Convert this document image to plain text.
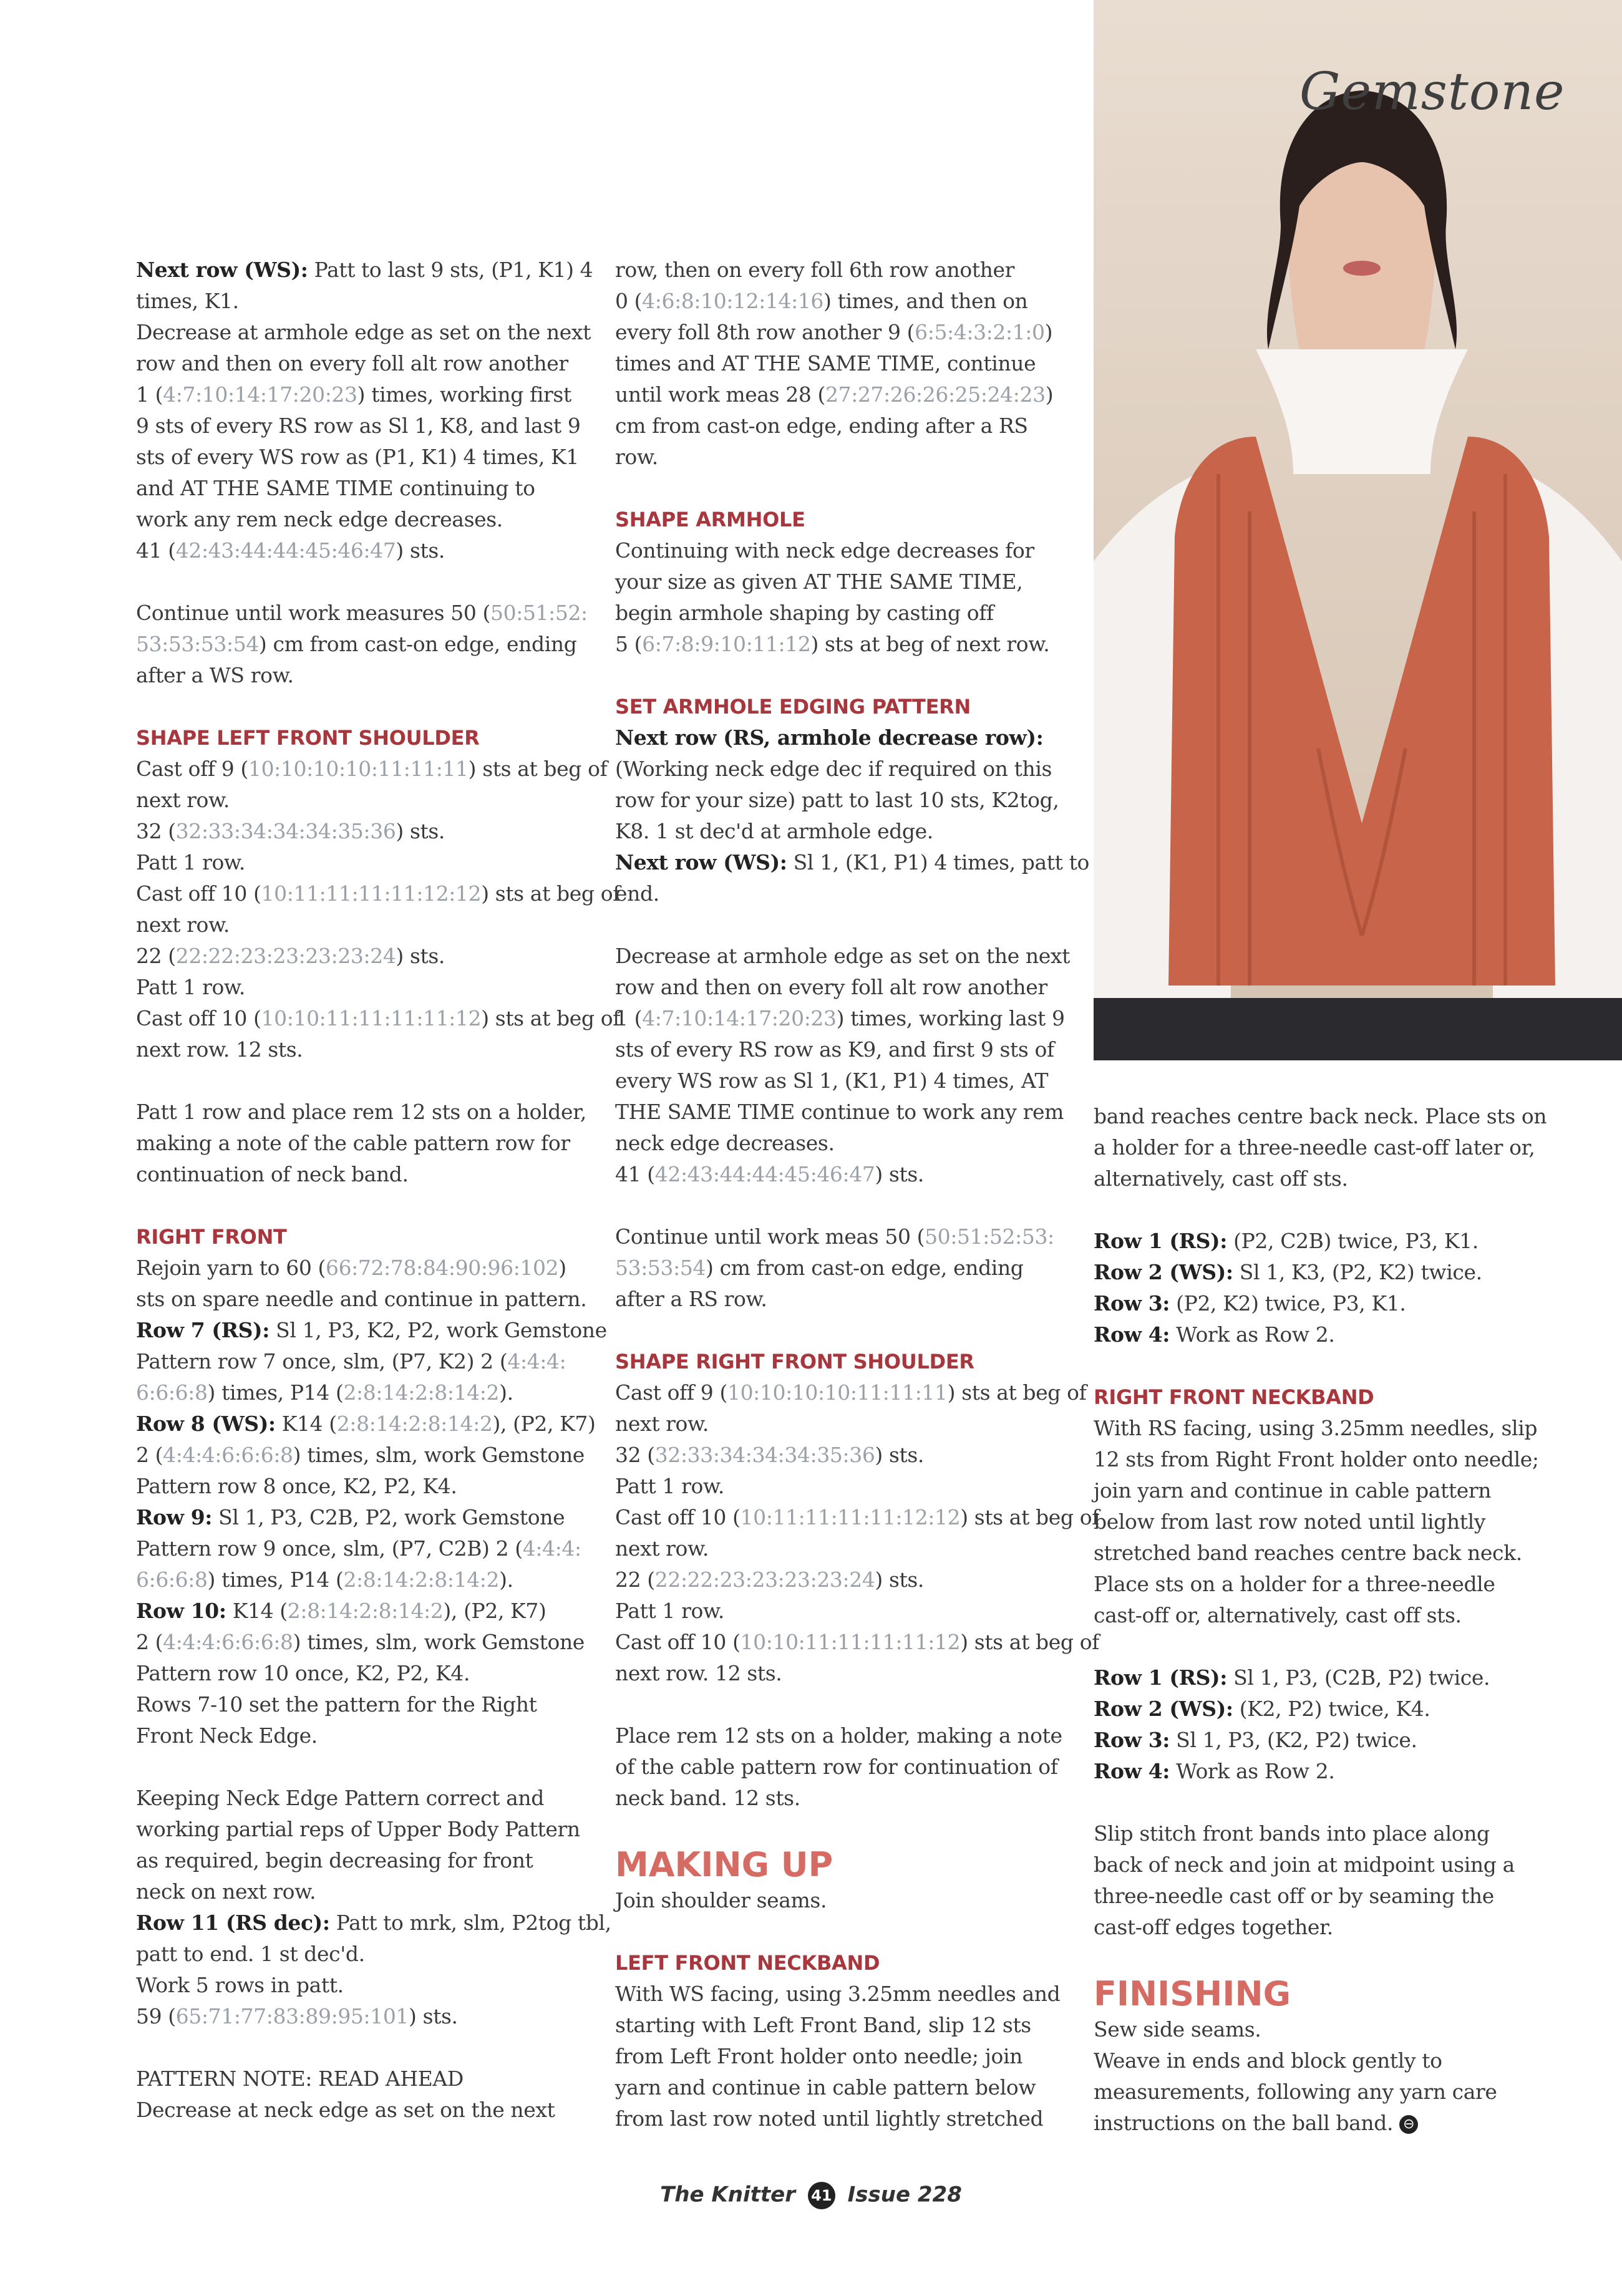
Gemstone
Next row (WS): Patt to last 9 sts, (P1, K1) 4
times, K1.
Decrease at armhole edge as set on the next
row and then on every foll alt row another
1 (4:7:10:14:17:20:23) times, working first
9 sts of every RS row as Sl 1, K8, and last 9
sts of every WS row as (P1, K1) 4 times, K1
and AT THE SAME TIME continuing to
work any rem neck edge decreases.
41 (42:43:44:44:45:46:47) sts.
Continue until work measures 50 (50:51:52:
53:53:53:54) cm from cast-on edge, ending
after a WS row.
SHAPE LEFT FRONT SHOULDER
Cast off 9 (10:10:10:10:11:11:11) sts at beg of
next row.
32 (32:33:34:34:34:35:36) sts.
Patt 1 row.
Cast off 10 (10:11:11:11:11:12:12) sts at beg of
next row.
22 (22:22:23:23:23:23:24) sts.
Patt 1 row.
Cast off 10 (10:10:11:11:11:11:12) sts at beg of
next row. 12 sts.
Patt 1 row and place rem 12 sts on a holder,
making a note of the cable pattern row for
continuation of neck band.
RIGHT FRONT
Rejoin yarn to 60 (66:72:78:84:90:96:102)
sts on spare needle and continue in pattern.
Row 7 (RS): Sl 1, P3, K2, P2, work Gemstone
Pattern row 7 once, slm, (P7, K2) 2 (4:4:4:
6:6:6:8) times, P14 (2:8:14:2:8:14:2).
Row 8 (WS): K14 (2:8:14:2:8:14:2), (P2, K7)
2 (4:4:4:6:6:6:8) times, slm, work Gemstone
Pattern row 8 once, K2, P2, K4.
Row 9: Sl 1, P3, C2B, P2, work Gemstone
Pattern row 9 once, slm, (P7, C2B) 2 (4:4:4:
6:6:6:8) times, P14 (2:8:14:2:8:14:2).
Row 10: K14 (2:8:14:2:8:14:2), (P2, K7)
2 (4:4:4:6:6:6:8) times, slm, work Gemstone
Pattern row 10 once, K2, P2, K4.
Rows 7-10 set the pattern for the Right
Front Neck Edge.
Keeping Neck Edge Pattern correct and
working partial reps of Upper Body Pattern
as required, begin decreasing for front
neck on next row.
Row 11 (RS dec): Patt to mrk, slm, P2tog tbl,
patt to end. 1 st dec'd.
Work 5 rows in patt.
59 (65:71:77:83:89:95:101) sts.
PATTERN NOTE: READ AHEAD
Decrease at neck edge as set on the next
row, then on every foll 6th row another
0 (4:6:8:10:12:14:16) times, and then on
every foll 8th row another 9 (6:5:4:3:2:1:0)
times and AT THE SAME TIME, continue
until work meas 28 (27:27:26:26:25:24:23)
cm from cast-on edge, ending after a RS
row.
SHAPE ARMHOLE
Continuing with neck edge decreases for
your size as given AT THE SAME TIME,
begin armhole shaping by casting off
5 (6:7:8:9:10:11:12) sts at beg of next row.
SET ARMHOLE EDGING PATTERN
Next row (RS, armhole decrease row):
(Working neck edge dec if required on this
row for your size) patt to last 10 sts, K2tog,
K8. 1 st dec'd at armhole edge.
Next row (WS): Sl 1, (K1, P1) 4 times, patt to
end.
Decrease at armhole edge as set on the next
row and then on every foll alt row another
1 (4:7:10:14:17:20:23) times, working last 9
sts of every RS row as K9, and first 9 sts of
every WS row as Sl 1, (K1, P1) 4 times, AT
THE SAME TIME continue to work any rem
neck edge decreases.
41 (42:43:44:44:45:46:47) sts.
Continue until work meas 50 (50:51:52:53:
53:53:54) cm from cast-on edge, ending
after a RS row.
SHAPE RIGHT FRONT SHOULDER
Cast off 9 (10:10:10:10:11:11:11) sts at beg of
next row.
32 (32:33:34:34:34:35:36) sts.
Patt 1 row.
Cast off 10 (10:11:11:11:11:12:12) sts at beg of
next row.
22 (22:22:23:23:23:23:24) sts.
Patt 1 row.
Cast off 10 (10:10:11:11:11:11:12) sts at beg of
next row. 12 sts.
Place rem 12 sts on a holder, making a note
of the cable pattern row for continuation of
neck band. 12 sts.
MAKING UP
Join shoulder seams.
LEFT FRONT NECKBAND
With WS facing, using 3.25mm needles and
starting with Left Front Band, slip 12 sts
from Left Front holder onto needle; join
yarn and continue in cable pattern below
from last row noted until lightly stretched
band reaches centre back neck. Place sts on
a holder for a three-needle cast-off later or,
alternatively, cast off sts.
Row 1 (RS): (P2, C2B) twice, P3, K1.
Row 2 (WS): Sl 1, K3, (P2, K2) twice.
Row 3: (P2, K2) twice, P3, K1.
Row 4: Work as Row 2.
RIGHT FRONT NECKBAND
With RS facing, using 3.25mm needles, slip
12 sts from Right Front holder onto needle;
join yarn and continue in cable pattern
below from last row noted until lightly
stretched band reaches centre back neck.
Place sts on a holder for a three-needle
cast-off or, alternatively, cast off sts.
Row 1 (RS): Sl 1, P3, (C2B, P2) twice.
Row 2 (WS): (K2, P2) twice, K4.
Row 3: Sl 1, P3, (K2, P2) twice.
Row 4: Work as Row 2.
Slip stitch front bands into place along
back of neck and join at midpoint using a
three-needle cast off or by seaming the
cast-off edges together.
FINISHING
Sew side seams.
Weave in ends and block gently to
measurements, following any yarn care
instructions on the ball band. ⊖
The Knitter 41 Issue 228
